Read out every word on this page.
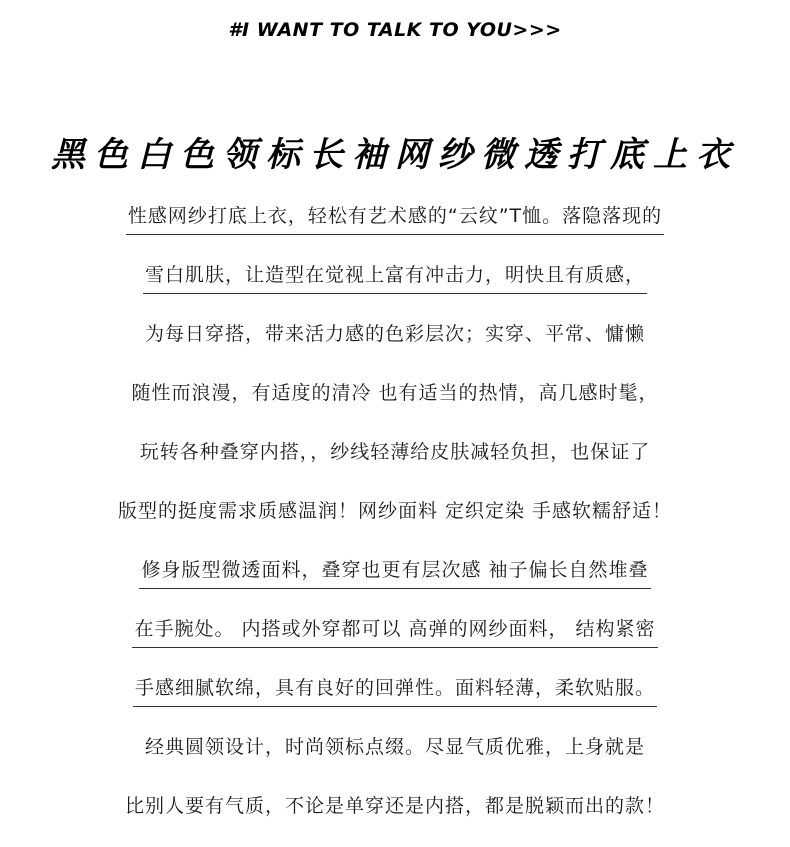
#I WANT TO TALK TO YOU>>>
黑色白色领标长袖网纱微透打底上衣
性感网纱打底上衣，轻松有艺术感的“云纹”T恤。落隐落现的
雪白肌肤，让造型在觉视上富有冲击力，明快且有质感，
为每日穿搭，带来活力感的色彩层次；实穿、平常、慵懒
随性而浪漫，有适度的清冷 也有适当的热情，高几感时髦，
玩转各种叠穿内搭，，纱线轻薄给皮肤减轻负担，也保证了
版型的挺度需求质感温润！网纱面料 定织定染 手感软糯舒适！
修身版型微透面料，叠穿也更有层次感 袖子偏长自然堆叠
在手腕处。 内搭或外穿都可以 高弹的网纱面料， 结构紧密
手感细腻软绵，具有良好的回弹性。面料轻薄，柔软贴服。
经典圆领设计，时尚领标点缀。尽显气质优雅，上身就是
比别人要有气质，不论是单穿还是内搭，都是脱颖而出的款！
